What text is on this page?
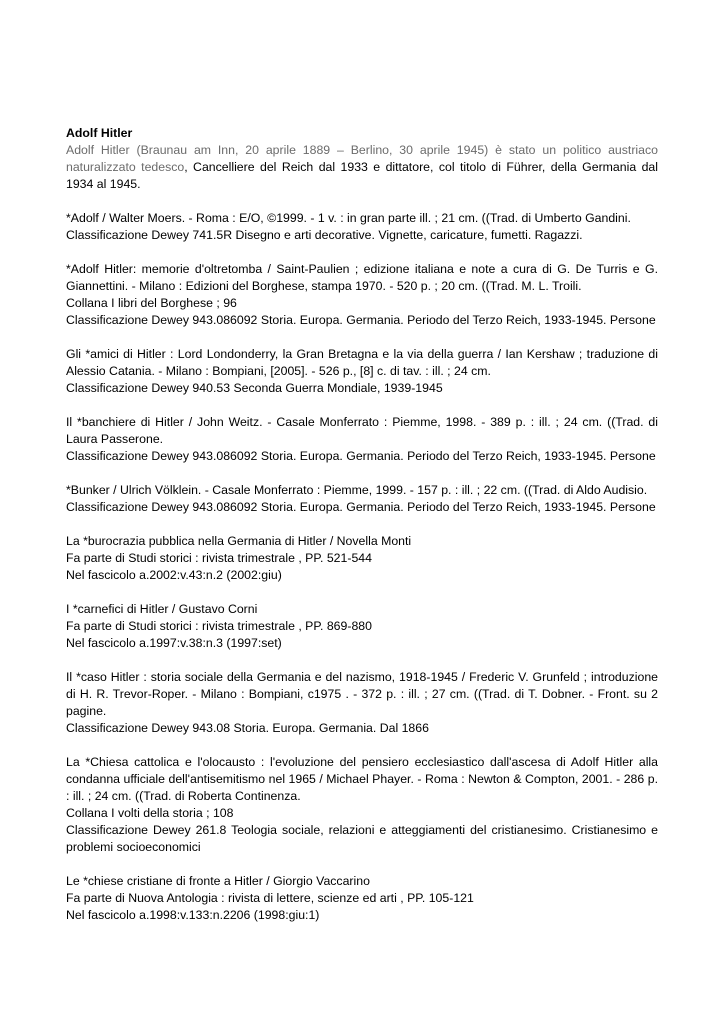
Adolf Hitler

Adolf Hitler (Braunau am Inn, 20 aprile 1889 – Berlino, 30 aprile 1945) è stato un politico austriaco naturalizzato tedesco, Cancelliere del Reich dal 1933 e dittatore, col titolo di Führer, della Germania dal 1934 al 1945.

*Adolf / Walter Moers. - Roma : E/O, ©1999. - 1 v. : in gran parte ill. ; 21 cm. ((Trad. di Umberto Gandini.
Classificazione Dewey 741.5R Disegno e arti decorative. Vignette, caricature, fumetti. Ragazzi.
*Adolf Hitler: memorie d'oltretomba / Saint-Paulien ; edizione italiana e note a cura di G. De Turris e G. Giannettini. - Milano : Edizioni del Borghese, stampa 1970. - 520 p. ; 20 cm. ((Trad. M. L. Troili.
Collana I libri del Borghese ; 96
Classificazione Dewey 943.086092 Storia. Europa. Germania. Periodo del Terzo Reich, 1933-1945. Persone
Gli *amici di Hitler : Lord Londonderry, la Gran Bretagna e la via della guerra / Ian Kershaw ; traduzione di Alessio Catania. - Milano : Bompiani, [2005]. - 526 p., [8] c. di tav. : ill. ; 24 cm.
Classificazione Dewey 940.53 Seconda Guerra Mondiale, 1939-1945
Il *banchiere di Hitler / John Weitz. - Casale Monferrato : Piemme, 1998. - 389 p. : ill. ; 24 cm. ((Trad. di Laura Passerone.
Classificazione Dewey 943.086092 Storia. Europa. Germania. Periodo del Terzo Reich, 1933-1945. Persone
*Bunker / Ulrich Völklein. - Casale Monferrato : Piemme, 1999. - 157 p. : ill. ; 22 cm. ((Trad. di Aldo Audisio.
Classificazione Dewey 943.086092 Storia. Europa. Germania. Periodo del Terzo Reich, 1933-1945. Persone
La *burocrazia pubblica nella Germania di Hitler / Novella Monti
Fa parte di Studi storici : rivista trimestrale , PP. 521-544
Nel fascicolo a.2002:v.43:n.2 (2002:giu)
I *carnefici di Hitler / Gustavo Corni
Fa parte di Studi storici : rivista trimestrale , PP. 869-880
Nel fascicolo a.1997:v.38:n.3 (1997:set)
Il *caso Hitler : storia sociale della Germania e del nazismo, 1918-1945 / Frederic V. Grunfeld ; introduzione di H. R. Trevor-Roper. - Milano : Bompiani, c1975 . - 372 p. : ill. ; 27 cm. ((Trad. di T. Dobner. - Front. su 2 pagine.
Classificazione Dewey 943.08 Storia. Europa. Germania. Dal 1866
La *Chiesa cattolica e l'olocausto : l'evoluzione del pensiero ecclesiastico dall'ascesa di Adolf Hitler alla condanna ufficiale dell'antisemitismo nel 1965 / Michael Phayer. - Roma : Newton & Compton, 2001. - 286 p. : ill. ; 24 cm. ((Trad. di Roberta Continenza.
Collana I volti della storia ; 108
Classificazione Dewey 261.8 Teologia sociale, relazioni e atteggiamenti del cristianesimo. Cristianesimo e problemi socioeconomici
Le *chiese cristiane di fronte a Hitler / Giorgio Vaccarino
Fa parte di Nuova Antologia : rivista di lettere, scienze ed arti , PP. 105-121
Nel fascicolo a.1998:v.133:n.2206 (1998:giu:1)
